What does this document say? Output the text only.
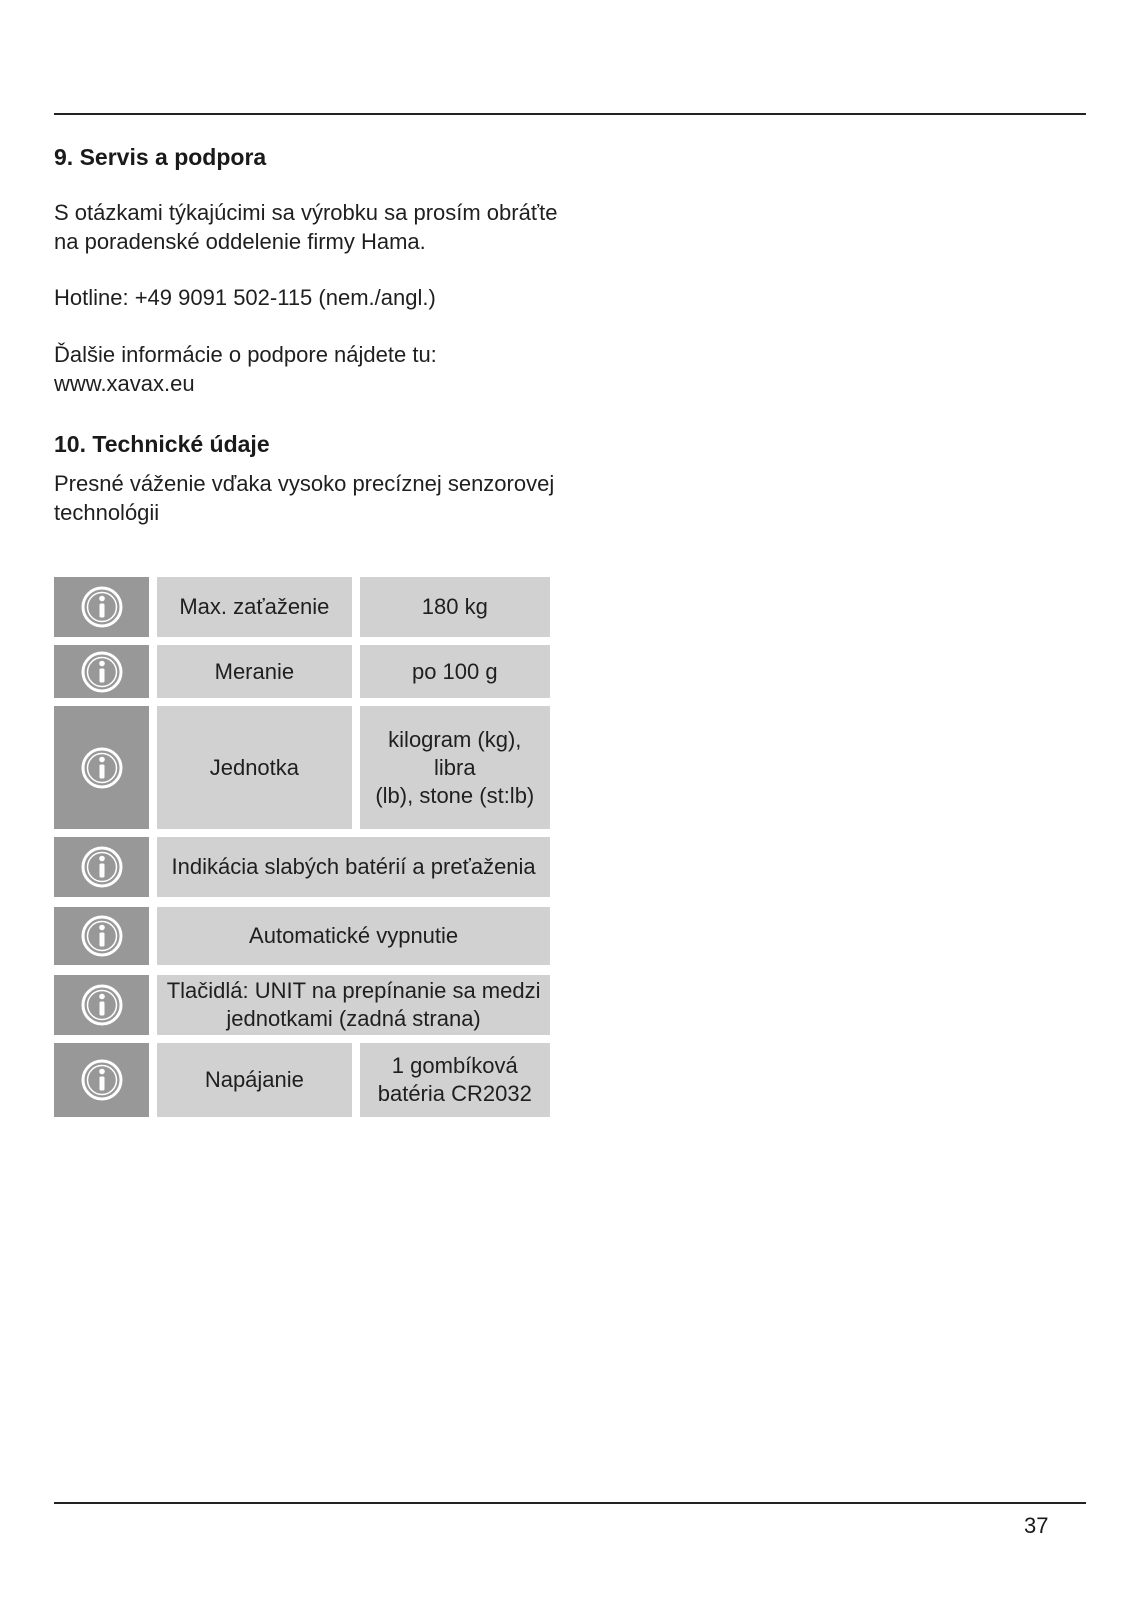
9. Servis a podpora

S otázkami týkajúcimi sa výrobku sa prosím obráťte
na poradenské oddelenie firmy Hama.

Hotline: +49 9091 502-115 (nem./angl.)

Ďalšie informácie o podpore nájdete tu:
www.xavax.eu

10. Technické údaje

Presné váženie vďaka vysoko precíznej senzorovej
technológii

Max. zaťaženie	180 kg
Meranie	po 100 g
Jednotka
kilogram (kg), libra
(lb), stone (st:lb)
Indikácia slabých batérií a preťaženia
Automatické vypnutie
Tlačidlá: UNIT na prepínanie sa medzi
jednotkami (zadná strana)
Napájanie
1 gombíková
batéria CR2032
37
